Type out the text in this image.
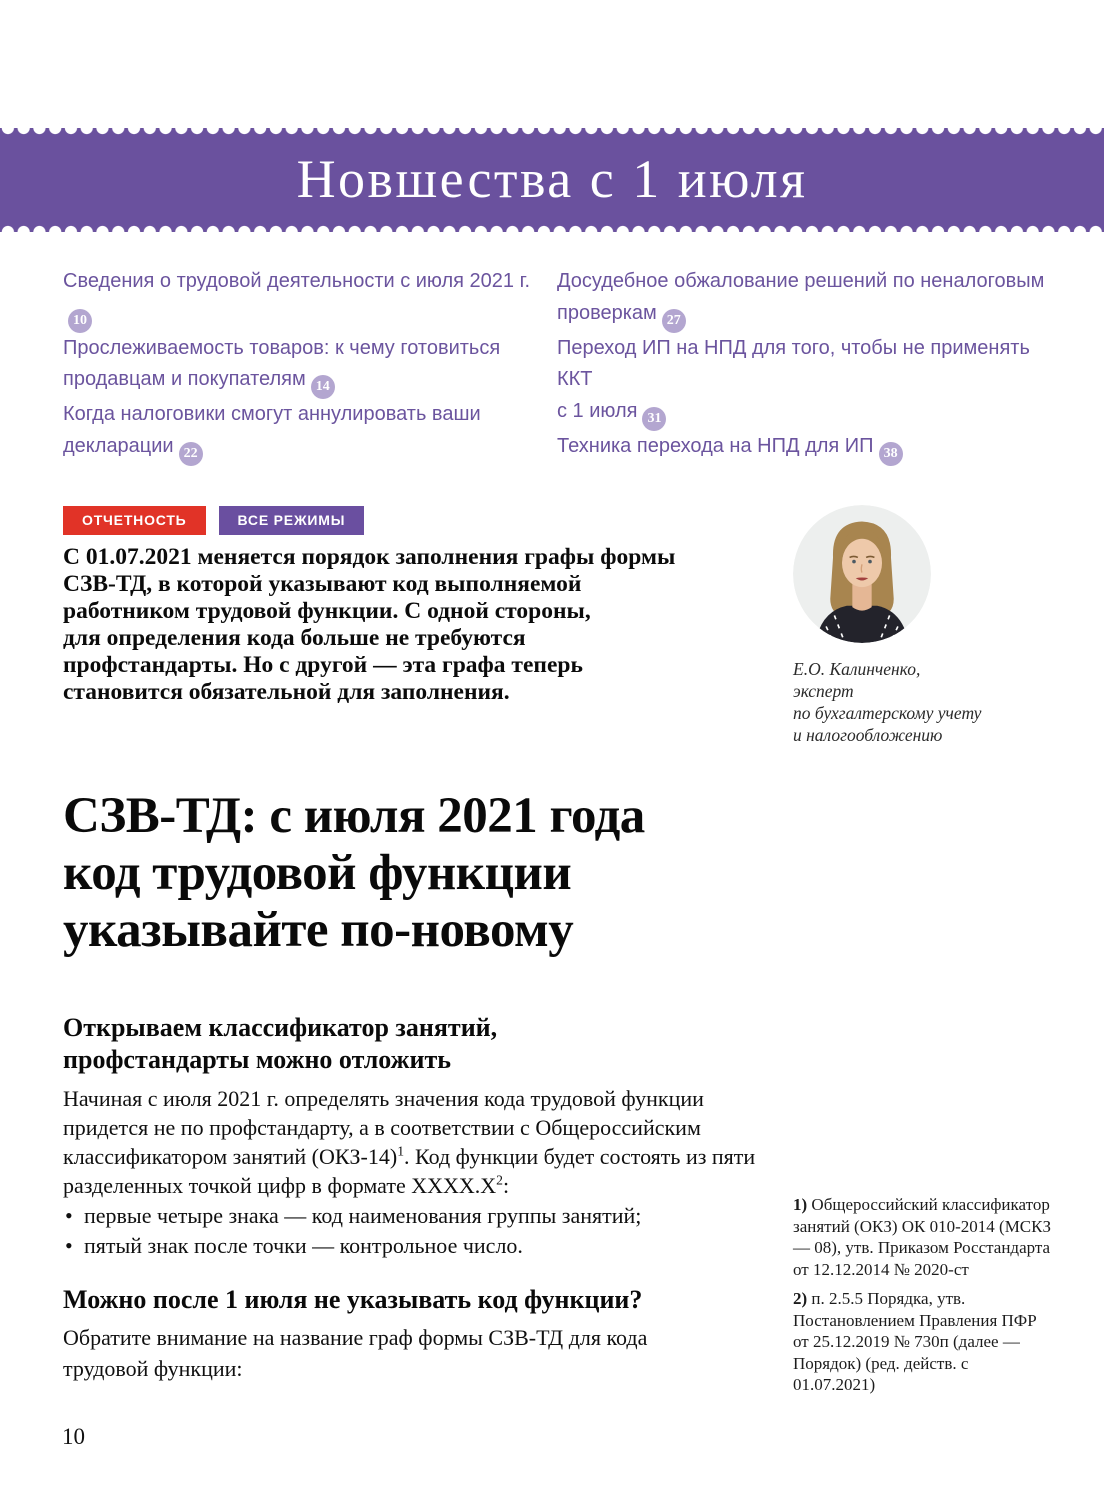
Новшества с 1 июля
Сведения о трудовой деятельности с июля 2021 г.10
Прослеживаемость товаров: к чему готовиться
продавцам и покупателям 14
Когда налоговики смогут аннулировать ваши
декларации 22
Досудебное обжалование решений по неналоговым
проверкам 27
Переход ИП на НПД для того, чтобы не применять ККТ
с 1 июля 31
Техника перехода на НПД для ИП 38
ОТЧЕТНОСТЬ	ВСЕ РЕЖИМЫ
С 01.07.2021 меняется порядок заполнения графы формы
СЗВ-ТД, в которой указывают код выполняемой
работником трудовой функции. С одной стороны,
для определения кода больше не требуются
профстандарты. Но с другой — эта графа теперь
становится обязательной для заполнения.
Е.О. Калинченко,
эксперт
по бухгалтерскому учету
и налогообложению
СЗВ-ТД: с июля 2021 года
код трудовой функции
указывайте по-новому
Открываем классификатор занятий,
профстандарты можно отложить
Начиная с июля 2021 г. определять значения кода трудовой функции придется не по профстандарту, а в соответствии с Общероссийским классификатором занятий $(ОКЗ-14)^1$. Код функции будет состоять из пяти разделенных точкой цифр в формате $ХХХХ.Х^2$:
• первые четыре знака — код наименования группы занятий;
• пятый знак после точки — контрольное число.
Можно после 1 июля не указывать код функции?
Обратите внимание на название граф формы СЗВ-ТД для кода трудовой функции:
1) Общероссийский классификатор занятий (ОКЗ) ОК 010-2014 (МСКЗ — 08), утв. Приказом Росстандарта от 12.12.2014 № 2020-ст
2) п. 2.5.5 Порядка, утв. Постановлением Правления ПФР от 25.12.2019 № 730п (далее — Порядок) (ред. действ. с 01.07.2021)
10
